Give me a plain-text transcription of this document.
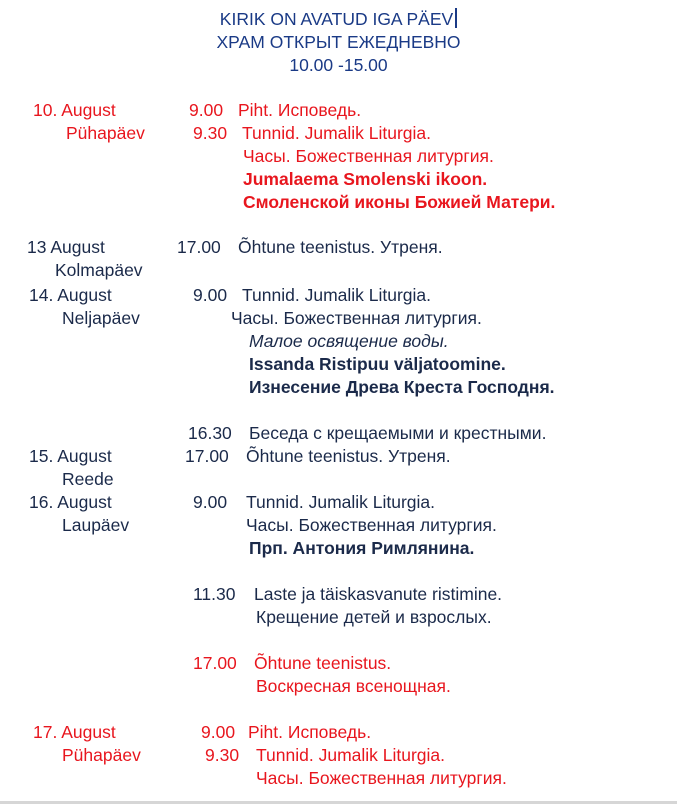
KIRIK ON AVATUD IGA PÄEV
ХРАМ ОТКРЫТ ЕЖЕДНЕВНО
10.00 -15.00
10. August
Pühapäev
9.00 Piht. Исповедь.
9.30 Tunnid. Jumalik Liturgia.
Часы. Божественная литургия.
Jumalaema Smolenski ikoon.
Смоленской иконы Божией Матери.
13 August
Kolmapäev
17.00 Õhtune teenistus. Утреня.
14. August
Neljapäev
9.00 Tunnid. Jumalik Liturgia.
Часы. Божественная литургия.
Малое освящение воды.
Issanda Ristipuu väljatoomine.
Изнесение Древа Креста Господня.
16.30 Беседа с крещаемыми и крестными.
15. August
Reede
17.00 Õhtune teenistus. Утреня.
16. August
Laupäev
9.00 Tunnid. Jumalik Liturgia.
Часы. Божественная литургия.
Прп. Антония Римлянина.
11.30 Laste ja täiskasvanute ristimine.
Крещение детей и взрослых.
17.00 Õhtune teenistus.
Воскресная всенощная.
17. August
Pühapäev
9.00 Piht. Исповедь.
9.30 Tunnid. Jumalik Liturgia.
Часы. Божественная литургия.
